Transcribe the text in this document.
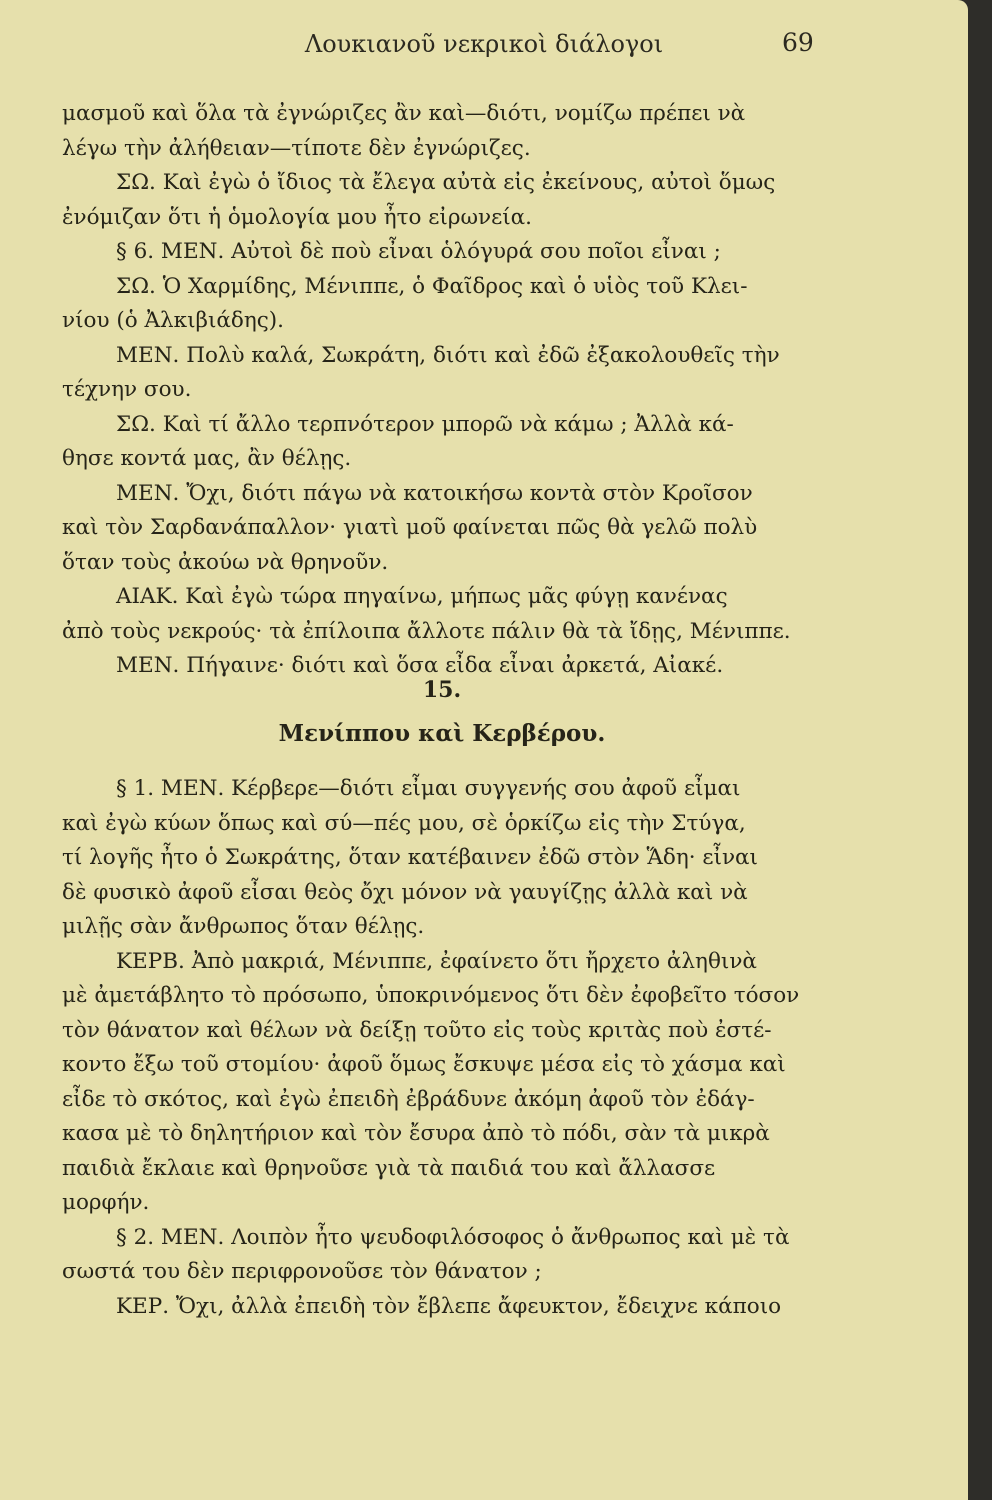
Λουκιανοῦ νεκρικοὶ διάλογοι	69
μασμοῦ καὶ ὅλα τὰ ἐγνώριζες ἂν καὶ—διότι, νομίζω πρέπει νὰ
λέγω τὴν ἀλήθειαν—τίποτε δὲν ἐγνώριζες.
ΣΩ. Καὶ ἐγὼ ὁ ἴδιος τὰ ἔλεγα αὐτὰ εἰς ἐκείνους, αὐτοὶ ὅμως
ἐνόμιζαν ὅτι ἡ ὁμολογία μου ἦτο εἰρωνεία.
§ 6. ΜΕΝ. Αὐτοὶ δὲ ποὺ εἶναι ὁλόγυρά σου ποῖοι εἶναι ;
ΣΩ. Ὁ Χαρμίδης, Μένιππε, ὁ Φαῖδρος καὶ ὁ υἱὸς τοῦ Κλει-
νίου (ὁ Ἀλκιβιάδης).
ΜΕΝ. Πολὺ καλά, Σωκράτη, διότι καὶ ἐδῶ ἐξακολουθεῖς τὴν
τέχνην σου.
ΣΩ. Καὶ τί ἄλλο τερπνότερον μπορῶ νὰ κάμω ; Ἀλλὰ κά-
θησε κοντά μας, ἂν θέλῃς.
ΜΕΝ. Ὄχι, διότι πάγω νὰ κατοικήσω κοντὰ στὸν Κροῖσον
καὶ τὸν Σαρδανάπαλλον· γιατὶ μοῦ φαίνεται πῶς θὰ γελῶ πολὺ
ὅταν τοὺς ἀκούω νὰ θρηνοῦν.
ΑΙΑΚ. Καὶ ἐγὼ τώρα πηγαίνω, μήπως μᾶς φύγῃ κανένας
ἀπὸ τοὺς νεκρούς· τὰ ἐπίλοιπα ἄλλοτε πάλιν θὰ τὰ ἴδῃς, Μένιππε.
ΜΕΝ. Πήγαινε· διότι καὶ ὅσα εἶδα εἶναι ἀρκετά, Αἰακέ.
15.
Μενίππου καὶ Κερβέρου.
§ 1. ΜΕΝ. Κέρβερε—διότι εἶμαι συγγενής σου ἀφοῦ εἶμαι
καὶ ἐγὼ κύων ὅπως καὶ σύ—πές μου, σὲ ὁρκίζω εἰς τὴν Στύγα,
τί λογῆς ἦτο ὁ Σωκράτης, ὅταν κατέβαινεν ἐδῶ στὸν Ἅδη· εἶναι
δὲ φυσικὸ ἀφοῦ εἶσαι θεὸς ὄχι μόνον νὰ γαυγίζῃς ἀλλὰ καὶ νὰ
μιλῇς σὰν ἄνθρωπος ὅταν θέλῃς.
ΚΕΡΒ. Ἀπὸ μακριά, Μένιππε, ἐφαίνετο ὅτι ἤρχετο ἀληθινὰ
μὲ ἀμετάβλητο τὸ πρόσωπο, ὑποκρινόμενος ὅτι δὲν ἐφοβεῖτο τόσον
τὸν θάνατον καὶ θέλων νὰ δείξῃ τοῦτο εἰς τοὺς κριτὰς ποὺ ἐστέ-
κοντο ἔξω τοῦ στομίου· ἀφοῦ ὅμως ἔσκυψε μέσα εἰς τὸ χάσμα καὶ
εἶδε τὸ σκότος, καὶ ἐγὼ ἐπειδὴ ἐβράδυνε ἀκόμη ἀφοῦ τὸν ἐδάγ-
κασα μὲ τὸ δηλητήριον καὶ τὸν ἔσυρα ἀπὸ τὸ πόδι, σὰν τὰ μικρὰ
παιδιὰ ἔκλαιε καὶ θρηνοῦσε γιὰ τὰ παιδιά του καὶ ἄλλασσε
μορφήν.
§ 2. ΜΕΝ. Λοιπὸν ἦτο ψευδοφιλόσοφος ὁ ἄνθρωπος καὶ μὲ τὰ
σωστά του δὲν περιφρονοῦσε τὸν θάνατον ;
ΚΕΡ. Ὄχι, ἀλλὰ ἐπειδὴ τὸν ἔβλεπε ἄφευκτον, ἔδειχνε κάποιο
